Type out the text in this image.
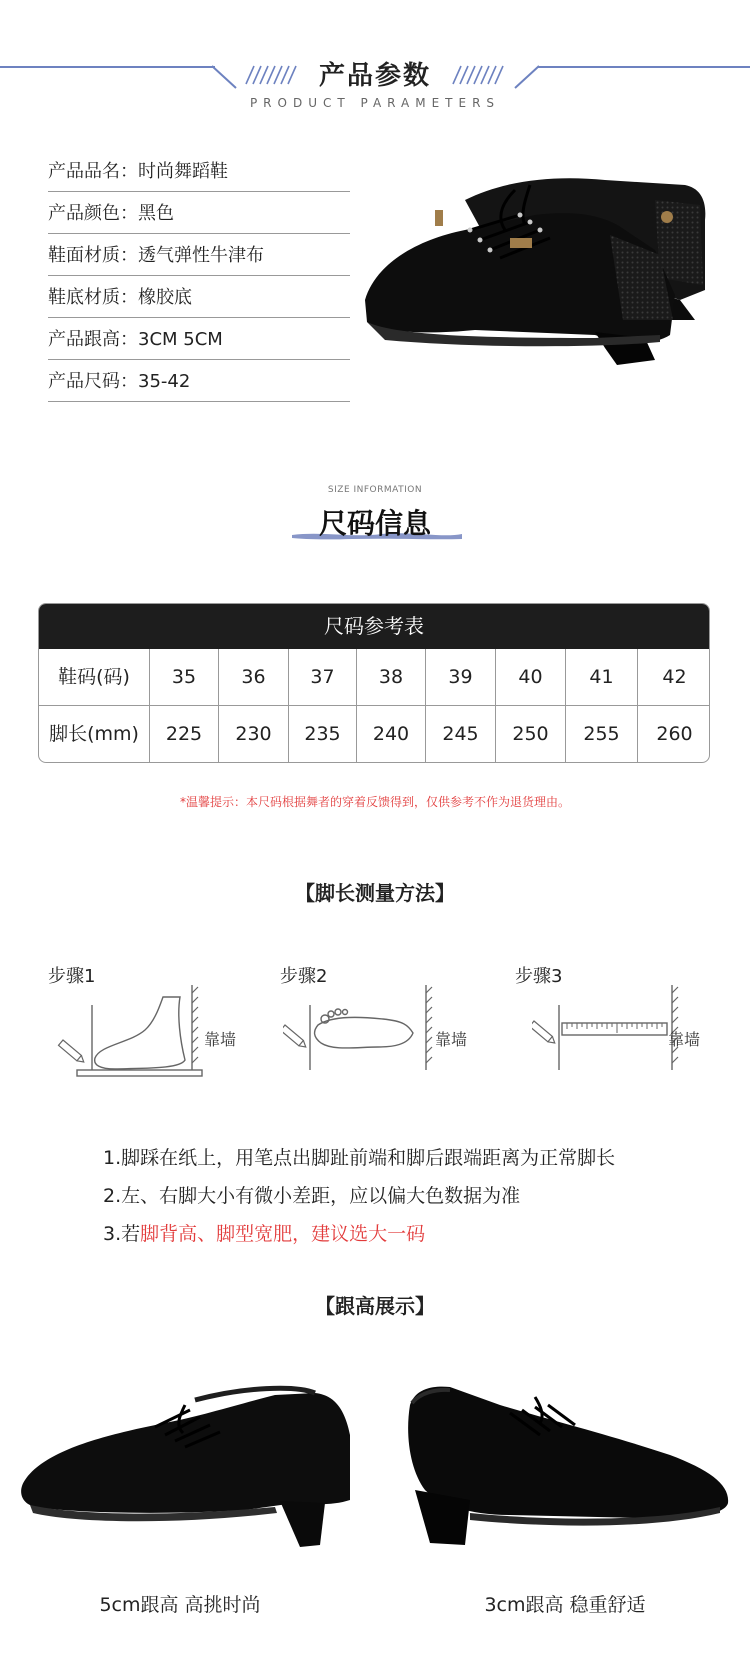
产品参数
PRODUCT PARAMETERS
产品品名：时尚舞蹈鞋
产品颜色：黑色
鞋面材质：透气弹性牛津布
鞋底材质：橡胶底
产品跟高：3CM 5CM
产品尺码：35-42
SIZE INFORMATION
尺码信息
尺码参考表
鞋码(码)	35	36	37	38	39	40	41	42
脚长(mm)	225	230	235	240	245	250	255	260
*温馨提示：本尺码根据舞者的穿着反馈得到，仅供参考不作为退货理由。
【脚长测量方法】
步骤1	步骤2	步骤3
靠墙	靠墙	靠墙
1.脚踩在纸上，用笔点出脚趾前端和脚后跟端距离为正常脚长
2.左、右脚大小有微小差距，应以偏大色数据为准
3.若脚背高、脚型宽肥，建议选大一码
【跟高展示】
5cm跟高 高挑时尚	3cm跟高 稳重舒适
